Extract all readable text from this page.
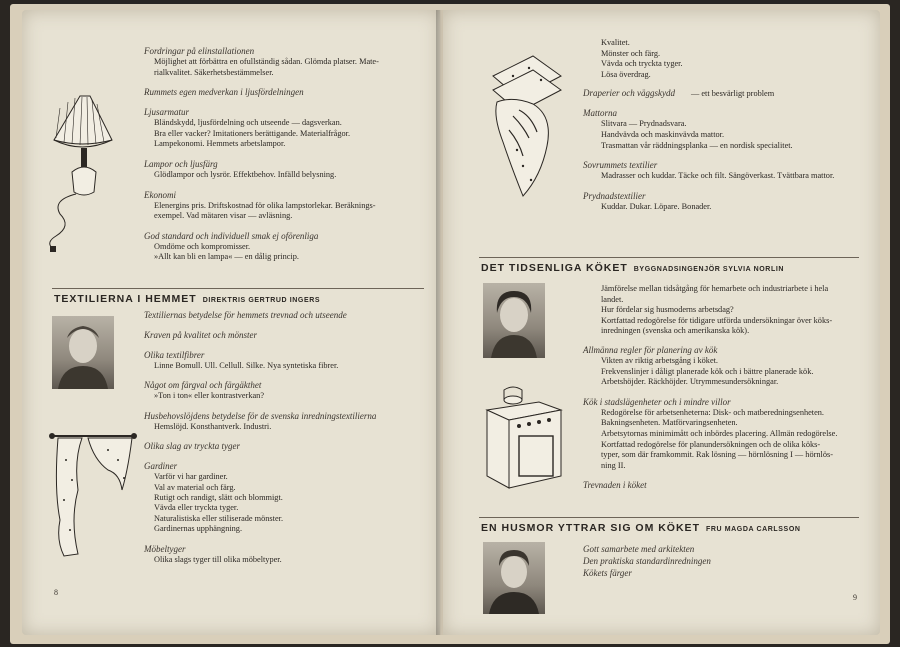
Fordringar på elinstallationen
Möjlighet att förbättra en ofullständig sådan. Glömda platser. Mate-
rialkvalitet. Säkerhetsbestämmelser.
Rummets egen medverkan i ljusfördelningen
Ljusarmatur
Bländskydd, ljusfördelning och utseende — dagsverkan.
Bra eller vacker? Imitationers berättigande. Materialfrågor.
Lampekonomi. Hemmets arbetslampor.
Lampor och ljusfärg
Glödlampor och lysrör. Effektbehov. Infälld belysning.
Ekonomi
Elenergins pris. Driftskostnad för olika lampstorlekar. Beräknings-
exempel. Vad mätaren visar — avläsning.
God standard och individuell smak ej oförenliga
Omdöme och kompromisser.
»Allt kan bli en lampa« — en dålig princip.
TEXTILIERNA I HEMMET DIREKTRIS GERTRUD INGERS
Textiliernas betydelse för hemmets trevnad och utseende
Kraven på kvalitet och mönster
Olika textilfibrer
Linne Bomull. Ull. Cellull. Silke. Nya syntetiska fibrer.
Något om färgval och färgäkthet
»Ton i ton« eller kontrastverkan?
Husbehovslöjdens betydelse för de svenska inredningstextilierna
Hemslöjd. Konsthantverk. Industri.
Olika slag av tryckta tyger
Gardiner
Varför vi har gardiner.
Val av material och färg.
Rutigt och randigt, slätt och blommigt.
Vävda eller tryckta tyger.
Naturalistiska eller stiliserade mönster.
Gardinernas upphängning.
Möbeltyger
Olika slags tyger till olika möbeltyper.
8
Kvalitet.
Mönster och färg.
Vävda och tryckta tyger.
Lösa överdrag.
Draperier och väggskydd — ett besvärligt problem
Mattorna
Slitvara — Prydnadsvara.
Handvävda och maskinvävda mattor.
Trasmattan vår räddningsplanka — en nordisk specialitet.
Sovrummets textilier
Madrasser och kuddar. Täcke och filt. Sängöverkast. Tvättbara mattor.
Prydnadstextilier
Kuddar. Dukar. Löpare. Bonader.
DET TIDSENLIGA KÖKET BYGGNADSINGENJÖR SYLVIA NORLIN
Jämförelse mellan tidsåtgång för hemarbete och industriarbete i hela
landet.
Hur fördelar sig husmoderns arbetsdag?
Kortfattad redogörelse för tidigare utförda undersökningar över köks-
inredningen (svenska och amerikanska kök).
Allmänna regler för planering av kök
Vikten av riktig arbetsgång i köket.
Frekvenslinjer i dåligt planerade kök och i bättre planerade kök.
Arbetshöjder. Räckhöjder. Utrymmesundersökningar.
Kök i stadslägenheter och i mindre villor
Redogörelse för arbetsenheterna: Disk- och matberedningsenheten.
Bakningsenheten. Matförvaringsenheten.
Arbetsytornas minimimått och inbördes placering. Allmän redogörelse.
Kortfattad redogörelse för planundersökningen och de olika köks-
typer, som där framkommit. Rak lösning — hörnlösning I — hörnlös-
ning II.
Trevnaden i köket
EN HUSMOR YTTRAR SIG OM KÖKET FRU MAGDA CARLSSON
Gott samarbete med arkitekten
Den praktiska standardinredningen
Kökets färger
9
